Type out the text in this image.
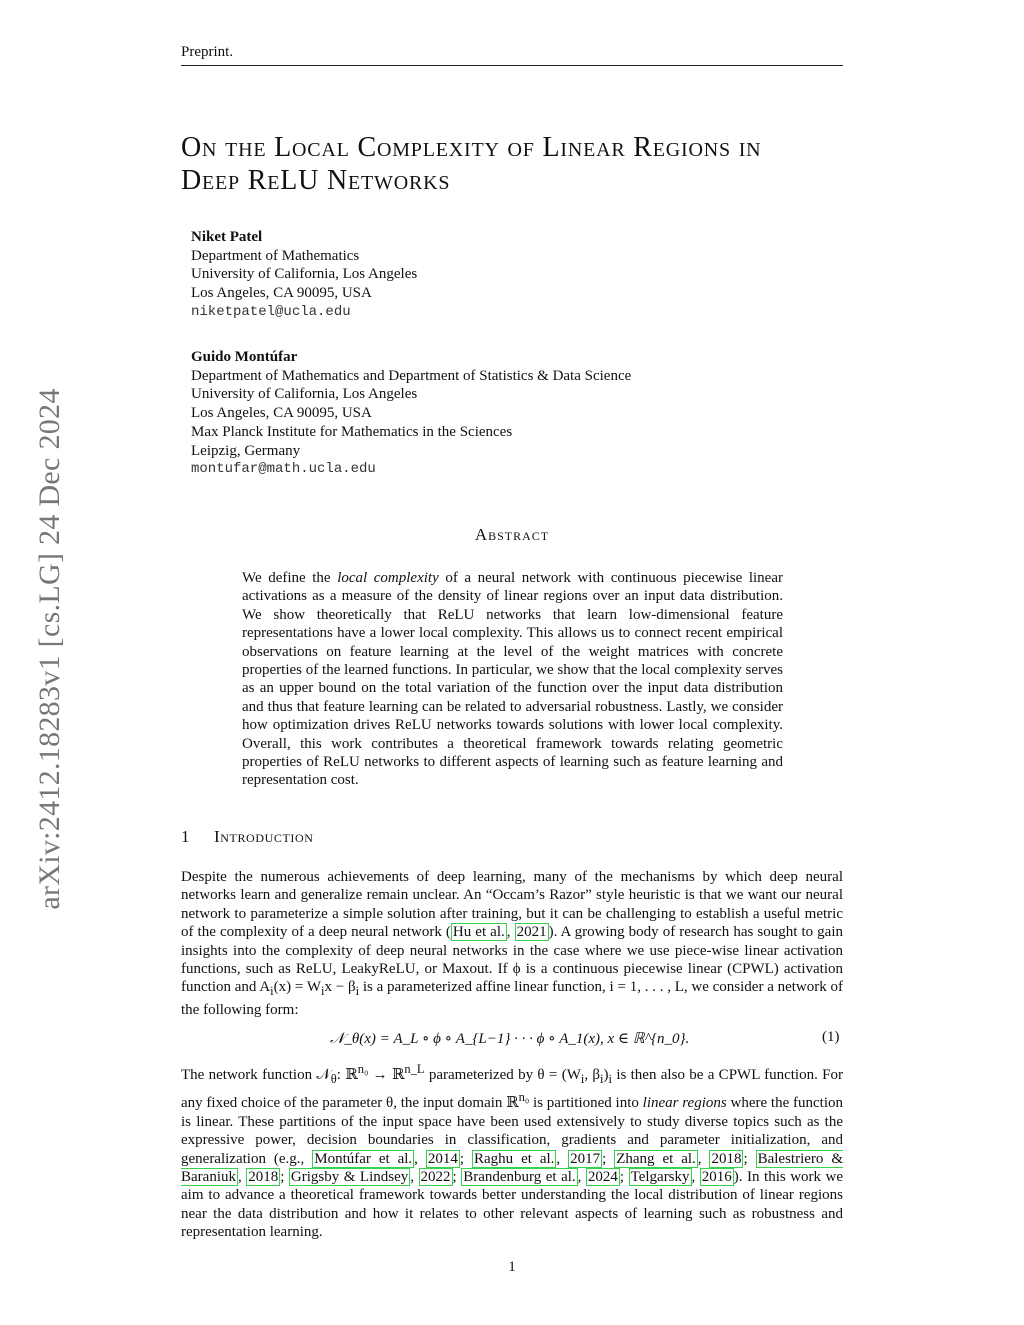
Preprint.
arXiv:2412.18283v1 [cs.LG] 24 Dec 2024
On the Local Complexity of Linear Regions in
Deep ReLU Networks
Niket Patel
Department of Mathematics
University of California, Los Angeles
Los Angeles, CA 90095, USA
niketpatel@ucla.edu
Guido Montúfar
Department of Mathematics and Department of Statistics & Data Science
University of California, Los Angeles
Los Angeles, CA 90095, USA
Max Planck Institute for Mathematics in the Sciences
Leipzig, Germany
montufar@math.ucla.edu
Abstract

We define the local complexity of a neural network with continuous piecewise linear activations as a measure of the density of linear regions over an input data distribution. We show theoretically that ReLU networks that learn low-dimensional feature representations have a lower local complexity. This allows us to connect recent empirical observations on feature learning at the level of the weight matrices with concrete properties of the learned functions. In particular, we show that the local complexity serves as an upper bound on the total variation of the function over the input data distribution and thus that feature learning can be related to adversarial robustness. Lastly, we consider how optimization drives ReLU networks towards solutions with lower local complexity. Overall, this work contributes a theoretical framework towards relating geometric properties of ReLU networks to different aspects of learning such as feature learning and representation cost.

1 Introduction

Despite the numerous achievements of deep learning, many of the mechanisms by which deep neural networks learn and generalize remain unclear. An “Occam’s Razor” style heuristic is that we want our neural network to parameterize a simple solution after training, but it can be challenging to establish a useful metric of the complexity of a deep neural network ( Hu et al. , 2021 ). A growing body of research has sought to gain insights into the complexity of deep neural networks in the case where we use piece-wise linear activation functions, such as ReLU, LeakyReLU, or Maxout. If ϕ is a continuous piecewise linear (CPWL) activation function and $A_i(x) = W_ix - \beta_i$ is a parameterized affine linear function, i = 1, . . . , L, we consider a network of the following form:

𝒩_θ(x) = A_L ∘ ϕ ∘ A_{L−1} · · · ϕ ∘ A_1(x), x ∈ ℝ^{n_0}.	(1)

The network function 𝒩$_\theta$: ℝ$^{n_0}$ → ℝ$^{n\_L}$ parameterized by $\theta = (W_i$, $\beta_i)_i$ is then also be a CPWL function. For any fixed choice of the parameter θ, the input domain ℝ$^{n_0}$ is partitioned into linear regions where the function is linear. These partitions of the input space have been used extensively to study diverse topics such as the expressive power, decision boundaries in classification, gradients and parameter initialization, and generalization (e.g., Montúfar et al. , 2014 ; Raghu et al. , 2017 ; Zhang et al. , 2018 ; Balestriero & Baraniuk , 2018 ; Grigsby & Lindsey , 2022 ; Brandenburg et al. , 2024 ; Telgarsky , 2016 ). In this work we aim to advance a theoretical framework towards better understanding the local distribution of linear regions near the data distribution and how it relates to other relevant aspects of learning such as robustness and representation learning.

1
